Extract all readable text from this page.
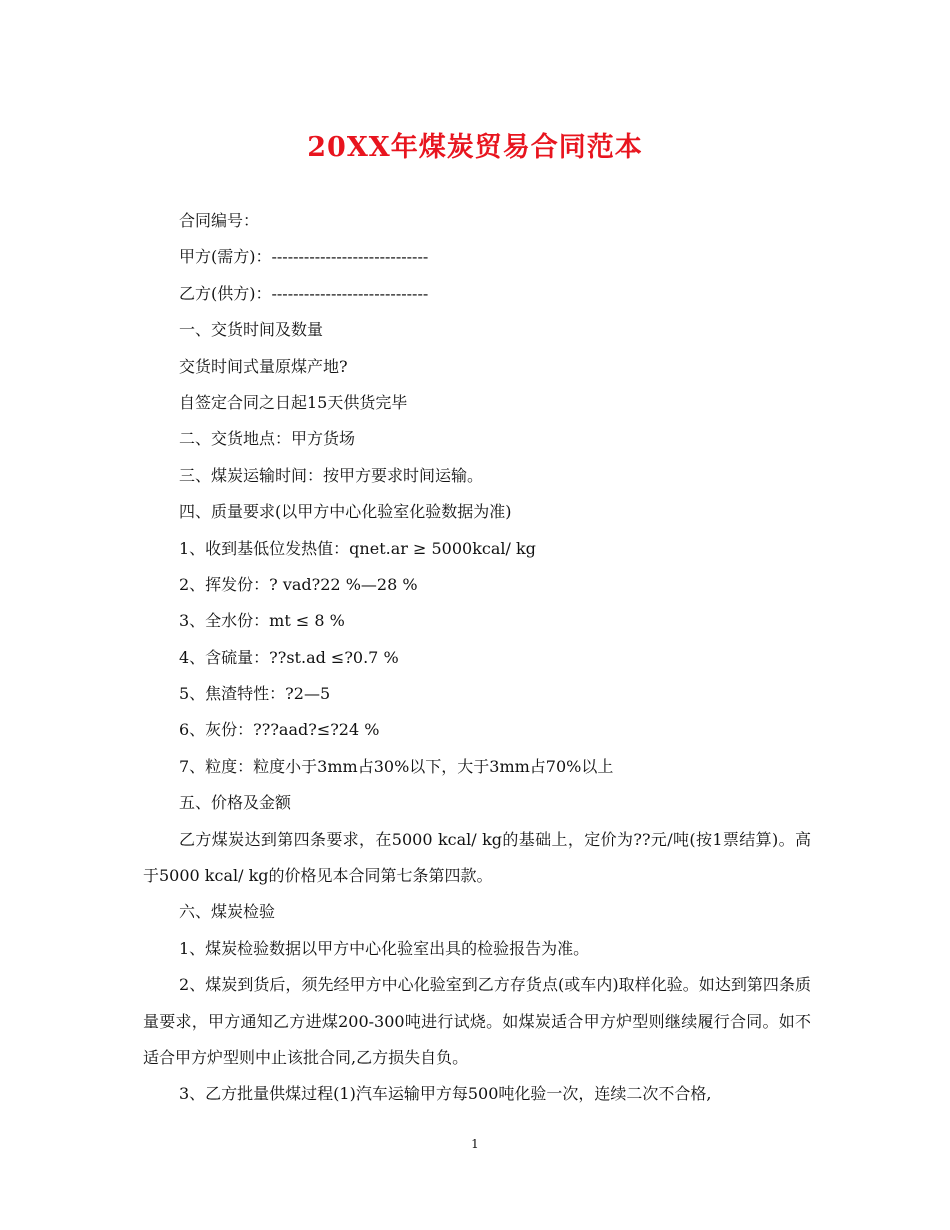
20XX年煤炭贸易合同范本
合同编号：
甲方(需方)：-----------------------------
乙方(供方)：-----------------------------
一、交货时间及数量
交货时间式量原煤产地?
自签定合同之日起15天供货完毕
二、交货地点：甲方货场
三、煤炭运输时间：按甲方要求时间运输。
四、质量要求(以甲方中心化验室化验数据为准)
1、收到基低位发热值：qnet.ar ≥ 5000kcal/ kg
2、挥发份：? vad?22 %—28 %
3、全水份：mt ≤ 8 %
4、含硫量：??st.ad ≤?0.7 %
5、焦渣特性：?2—5
6、灰份：???aad?≤?24 %
7、粒度：粒度小于3mm占30%以下，大于3mm占70%以上
五、价格及金额
乙方煤炭达到第四条要求，在5000 kcal/ kg的基础上，定价为??元/吨(按1票结算)。高于5000 kcal/ kg的价格见本合同第七条第四款。
六、煤炭检验
1、煤炭检验数据以甲方中心化验室出具的检验报告为准。
2、煤炭到货后，须先经甲方中心化验室到乙方存货点(或车内)取样化验。如达到第四条质量要求，甲方通知乙方进煤200-300吨进行试烧。如煤炭适合甲方炉型则继续履行合同。如不适合甲方炉型则中止该批合同,乙方损失自负。
3、乙方批量供煤过程(1)汽车运输甲方每500吨化验一次，连续二次不合格,
1
